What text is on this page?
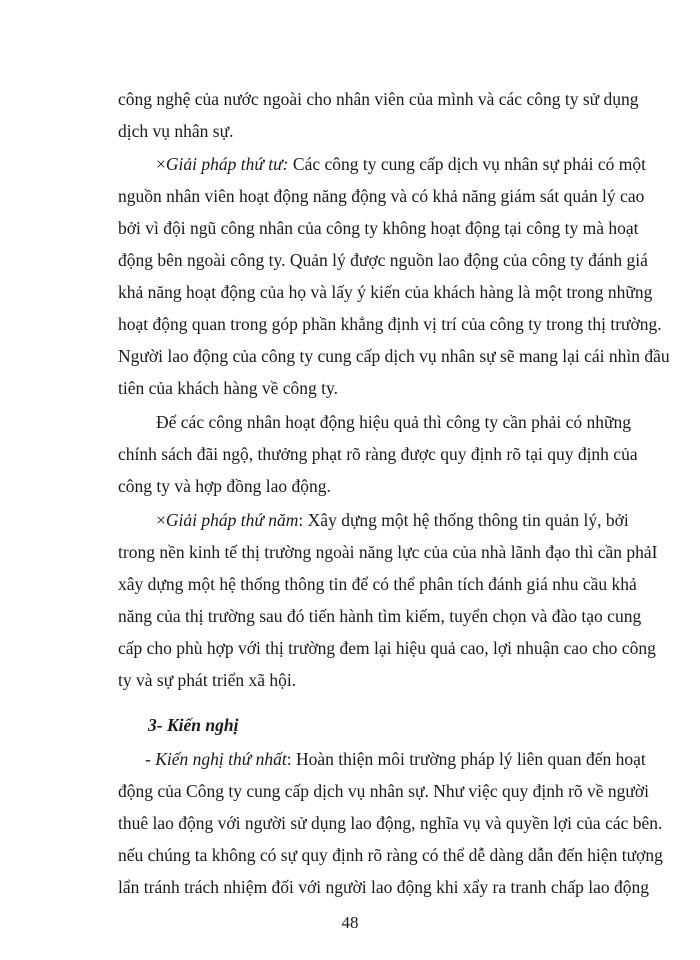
công nghệ của nước ngoài cho nhân viên của mình và các công ty sử dụng
dịch vụ nhân sự.
×Giải pháp thứ tư: Các công ty cung cấp dịch vụ nhân sự phải có một
nguồn nhân viên hoạt động năng động và có khả năng giám sát quản lý cao
bởi vì đội ngũ công nhân của công ty không hoạt động tại công ty mà hoạt
động bên ngoài công ty. Quản lý được nguồn lao động của công ty đánh giá
khả năng hoạt động của họ và lấy ý kiến của khách hàng là một trong những
hoạt động quan trong góp phần khẳng định vị trí của công ty trong thị trường.
Người lao động của công ty cung cấp dịch vụ nhân sự sẽ mang lại cái nhìn đầu
tiên của khách hàng về công ty.
Để các công nhân hoạt động hiệu quả thì công ty cần phải có những
chính sách đãi ngộ, thưởng phạt rõ ràng được quy định rõ tại quy định của
công ty và hợp đồng lao động.
×Giải pháp thứ năm: Xây dựng một hệ thống thông tin quản lý, bởi
trong nền kinh tế thị trường ngoài năng lực của của nhà lãnh đạo thì cần phảI
xây dựng một hệ thống thông tin để có thể phân tích đánh giá nhu cầu khả
năng của thị trường sau đó tiến hành tìm kiếm, tuyển chọn và đào tạo cung
cấp cho phù hợp với thị trường đem lại hiệu quả cao, lợi nhuận cao cho công
ty và sự phát triển xã hội.
3- Kiến nghị
- Kiến nghị thứ nhất: Hoàn thiện môi trường pháp lý liên quan đến hoạt
động của Công ty cung cấp dịch vụ nhân sự. Như việc quy định rõ về người
thuê lao động với người sử dụng lao động, nghĩa vụ và quyền lợi của các bên.
nếu chúng ta không có sự quy định rõ ràng có thể dễ dàng dẫn đến hiện tượng
lẩn tránh trách nhiệm đối với người lao động khi xẩy ra tranh chấp lao động
48
